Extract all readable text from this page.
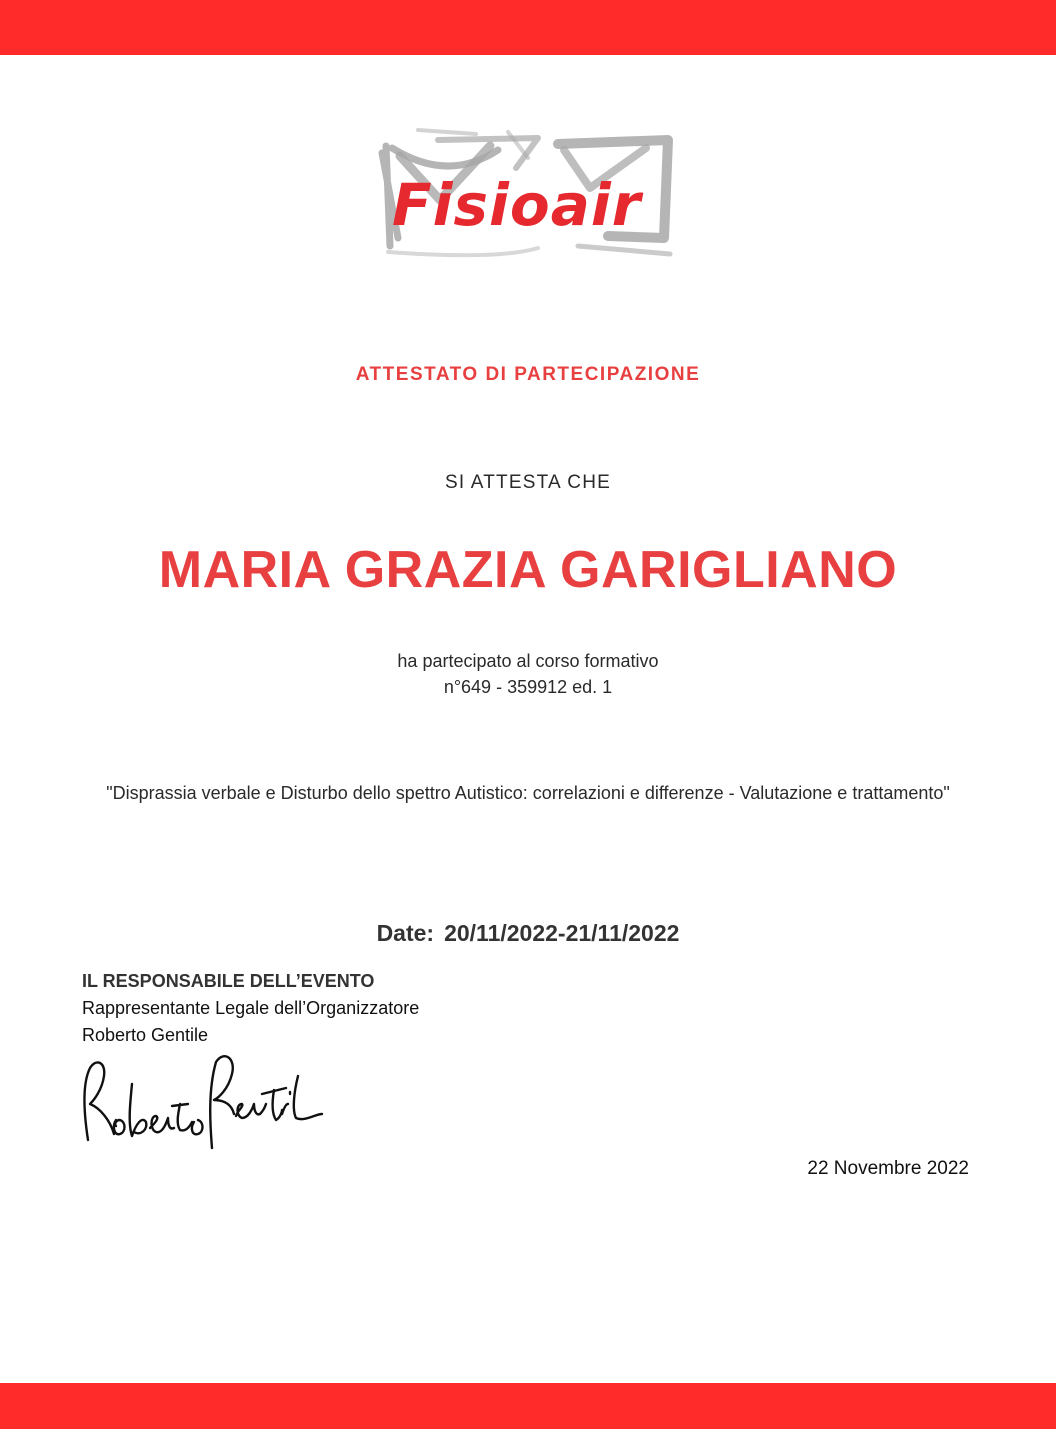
Fisioair
ATTESTATO DI PARTECIPAZIONE
SI ATTESTA CHE
MARIA GRAZIA GARIGLIANO
ha partecipato al corso formativo
n°649 - 359912 ed. 1
"Disprassia verbale e Disturbo dello spettro Autistico: correlazioni e differenze - Valutazione e trattamento"
Date: 20/11/2022-21/11/2022
IL RESPONSABILE DELL’EVENTO
Rappresentante Legale dell’Organizzatore
Roberto Gentile
22 Novembre 2022
